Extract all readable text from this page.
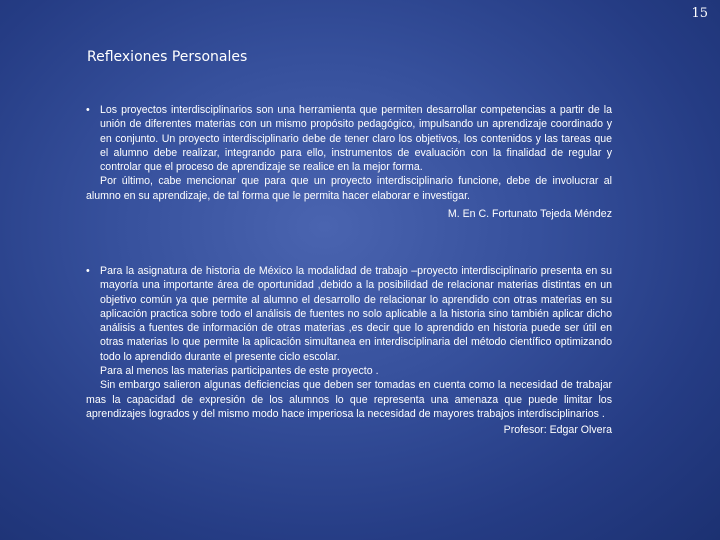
15
Reflexiones Personales
• Los proyectos interdisciplinarios son una herramienta que permiten desarrollar competencias a partir de la unión de diferentes materias con un mismo propósito pedagógico, impulsando un aprendizaje coordinado y en conjunto. Un proyecto interdisciplinario debe de tener claro los objetivos, los contenidos y las tareas que el alumno debe realizar, integrando para ello, instrumentos de evaluación con la finalidad de regular y controlar que el proceso de aprendizaje se realice en la mejor forma.
Por último, cabe mencionar que para que un proyecto interdisciplinario funcione, debe de involucrar al alumno en su aprendizaje, de tal forma que le permita hacer elaborar e investigar.
M. En C. Fortunato Tejeda Méndez
• Para la asignatura de historia de México la modalidad de trabajo –proyecto interdisciplinario presenta en su mayoría una importante área de oportunidad ,debido a la posibilidad de relacionar materias distintas en un objetivo común ya que permite al alumno el desarrollo de relacionar lo aprendido con otras materias en su aplicación practica sobre todo el análisis de fuentes no solo aplicable a la historia sino también aplicar dicho análisis a fuentes de información de otras materias ,es decir que lo aprendido en historia puede ser útil en otras materias lo que permite la aplicación simultanea en interdisciplinaria del método científico optimizando todo lo aprendido durante el presente ciclo escolar.
Para al menos las materias participantes de este proyecto .
Sin embargo salieron algunas deficiencias que deben ser tomadas en cuenta como la necesidad de trabajar mas la capacidad de expresión de los alumnos lo que representa una amenaza que puede limitar los aprendizajes logrados y del mismo modo hace imperiosa la necesidad de mayores trabajos interdisciplinarios .
Profesor: Edgar Olvera
